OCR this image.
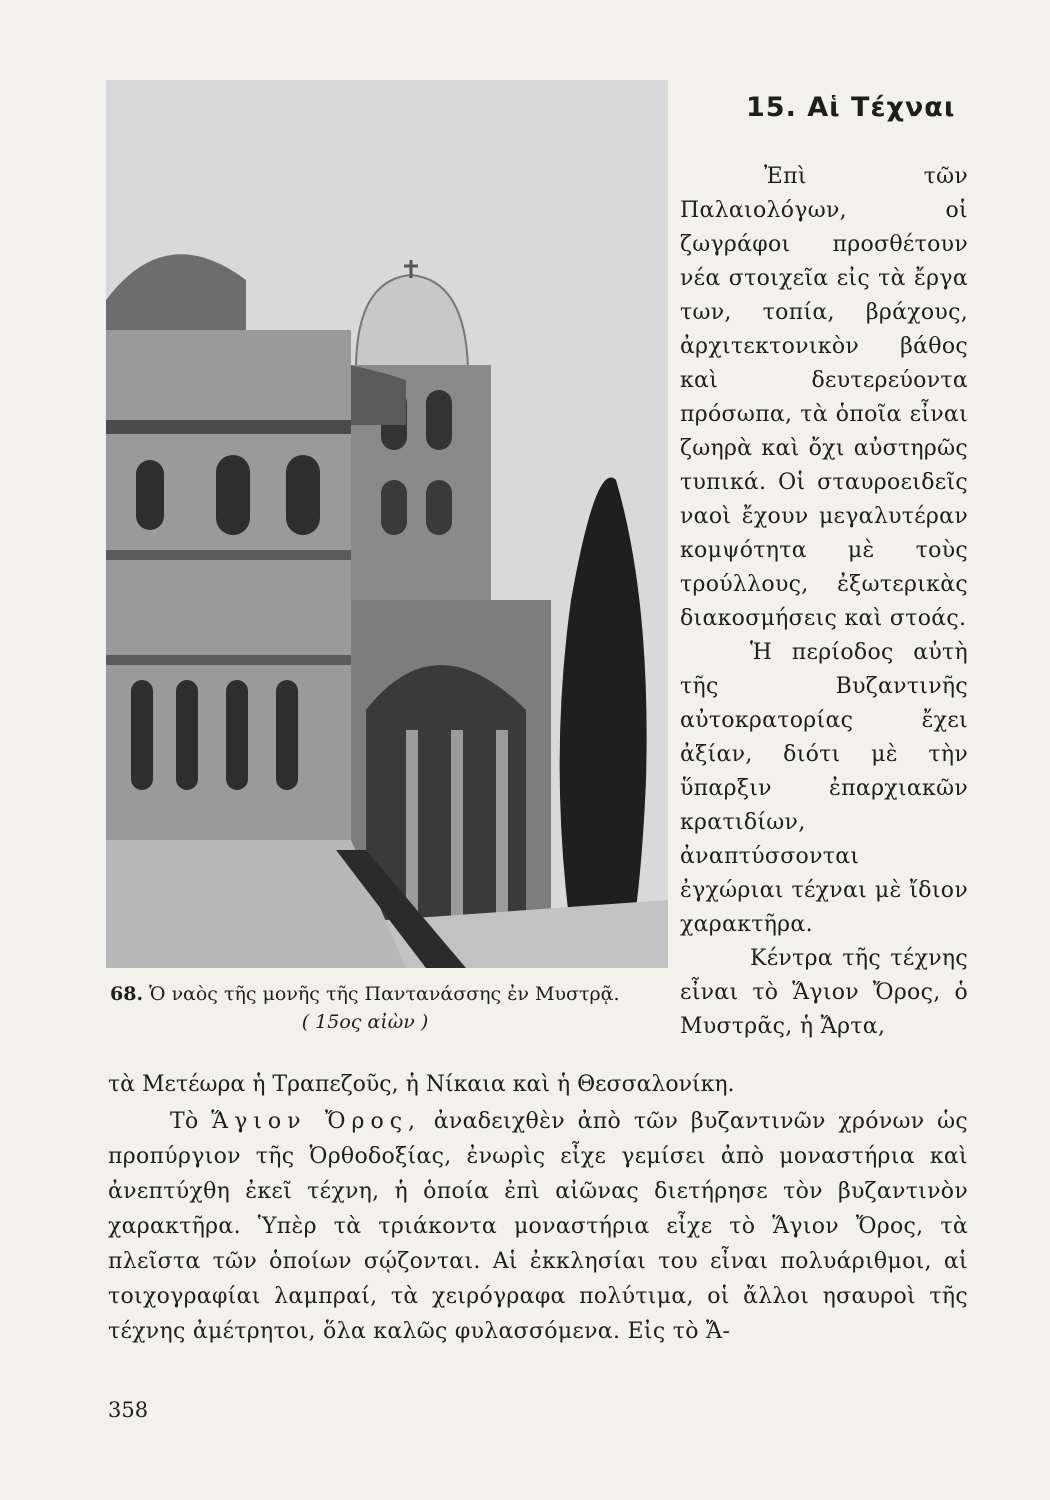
68. Ὁ ναὸς τῆς μονῆς τῆς Παντανάσσης ἐν Μυστρᾷ.
( 15ος αἰὼν )
15. Αἱ Τέχναι

Ἐπὶ τῶν Παλαιολόγων, οἱ ζωγράφοι προσθέτουν νέα στοιχεῖα εἰς τὰ ἔργα των, τοπία, βράχους, ἀρχιτεκτονικὸν βάθος καὶ δευτερεύοντα πρόσωπα, τὰ ὁποῖα εἶναι ζωηρὰ καὶ ὄχι αὐστηρῶς τυπικά. Οἱ σταυροειδεῖς ναοὶ ἔχουν μεγαλυτέραν κομψότητα μὲ τοὺς τρούλλους, ἐξωτερικὰς διακοσμήσεις καὶ στοάς.

Ἡ περίοδος αὐτὴ τῆς Βυζαντινῆς αὐτοκρατορίας ἔχει ἀξίαν, διότι μὲ τὴν ὕπαρξιν ἐπαρχιακῶν κρατιδίων, ἀναπτύσσονται ἐγχώριαι τέχναι μὲ ἴδιον χαρακτῆρα.

Κέντρα τῆς τέχνης εἶναι τὸ Ἅγιον Ὄρος, ὁ Μυστρᾶς, ἡ Ἄρτα,

τὰ Μετέωρα ἡ Τραπεζοῦς, ἡ Νίκαια καὶ ἡ Θεσσαλονίκη.

Τὸ Ἅγιον Ὄρος, ἀναδειχθὲν ἀπὸ τῶν βυζαντινῶν χρόνων ὡς προπύργιον τῆς Ὀρθοδοξίας, ἐνωρὶς εἶχε γεμίσει ἀπὸ μοναστήρια καὶ ἀνεπτύχθη ἐκεῖ τέχνη, ἡ ὁποία ἐπὶ αἰῶνας διετήρησε τὸν βυζαντινὸν χαρακτῆρα. Ὑπὲρ τὰ τριάκοντα μοναστήρια εἶχε τὸ Ἅγιον Ὄρος, τὰ πλεῖστα τῶν ὁποίων σῴζονται. Αἱ ἐκκλησίαι του εἶναι πολυάριθμοι, αἱ τοιχογραφίαι λαμπραί, τὰ χειρόγραφα πολύτιμα, οἱ ἄλλοι ησαυροὶ τῆς τέχνης ἀμέτρητοι, ὅλα καλῶς φυλασσόμενα. Εἰς τὸ Ἄ-

358
